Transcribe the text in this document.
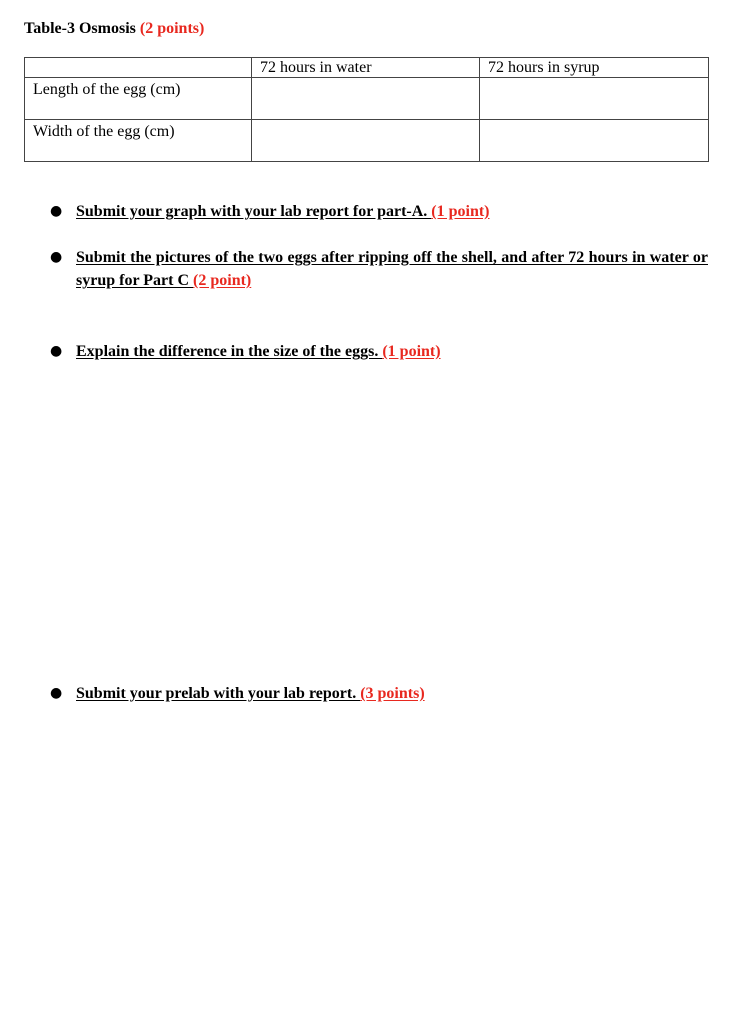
Table-3 Osmosis (2 points)
	72 hours in water	72 hours in syrup
Length of the egg (cm)		
Width of the egg (cm)		
● Submit your graph with your lab report for part-A. (1 point)
● Submit the pictures of the two eggs after ripping off the shell, and after 72 hours in water or syrup for Part C (2 point)
● Explain the difference in the size of the eggs. (1 point)
● Submit your prelab with your lab report. (3 points)
